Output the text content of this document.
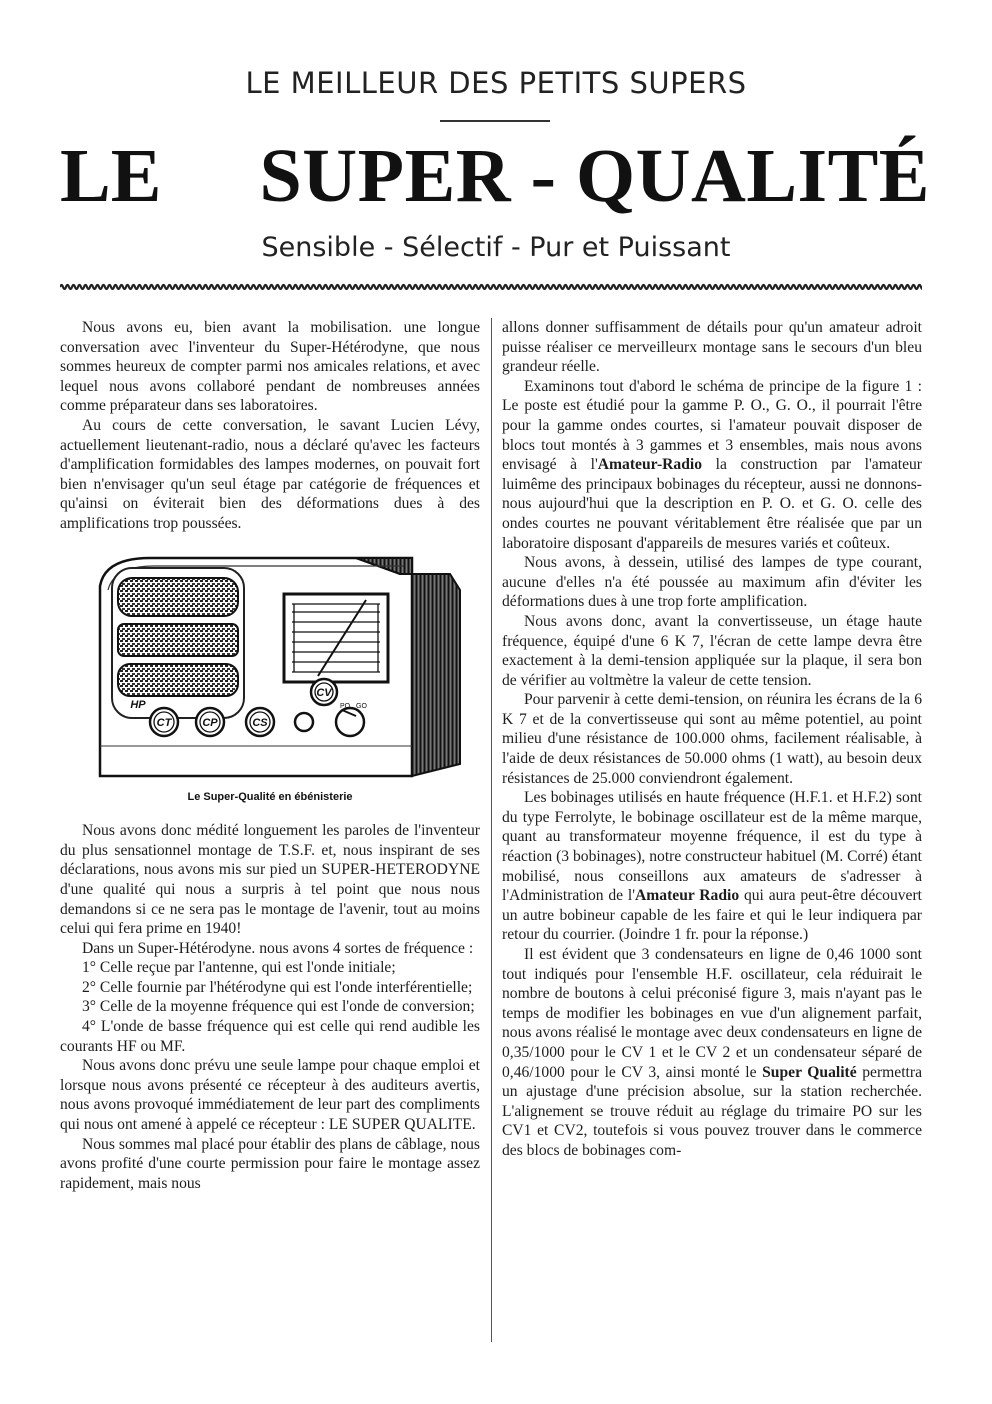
LE MEILLEUR DES PETITS SUPERS
LE SUPER - QUALITÉ
Sensible - Sélectif - Pur et Puissant

Nous avons eu, bien avant la mobilisation. une longue conversation avec l'inventeur du Super-Hétérodyne, que nous sommes heureux de compter parmi nos amicales relations, et avec lequel nous avons collaboré pendant de nombreuses années comme préparateur dans ses laboratoires.

Au cours de cette conversation, le savant Lucien Lévy, actuellement lieutenant-radio, nous a déclaré qu'avec les facteurs d'amplification formidables des lampes modernes, on pouvait fort bien n'envisager qu'un seul étage par catégorie de fréquences et qu'ainsi on éviterait bien des déformations dues à des amplifications trop poussées.

PO GO
CT	CP	CS
CV
HP

Le Super-Qualité en ébénisterie

Nous avons donc médité longuement les paroles de l'inventeur du plus sensationnel montage de T.S.F. et, nous inspirant de ses déclarations, nous avons mis sur pied un SUPER-HETERODYNE d'une qualité qui nous a surpris à tel point que nous nous demandons si ce ne sera pas le montage de l'avenir, tout au moins celui qui fera prime en 1940!

Dans un Super-Hétérodyne. nous avons 4 sortes de fréquence :

1° Celle reçue par l'antenne, qui est l'onde initiale;

2° Celle fournie par l'hétérodyne qui est l'onde interférentielle;

3° Celle de la moyenne fréquence qui est l'onde de conversion;

4° L'onde de basse fréquence qui est celle qui rend audible les courants HF ou MF.

Nous avons donc prévu une seule lampe pour chaque emploi et lorsque nous avons présenté ce récepteur à des auditeurs avertis, nous avons provoqué immédiatement de leur part des compliments qui nous ont amené à appelé ce récepteur : LE SUPER QUALITE.

Nous sommes mal placé pour établir des plans de câblage, nous avons profité d'une courte permission pour faire le montage assez rapidement, mais nous

allons donner suffisamment de détails pour qu'un amateur adroit puisse réaliser ce merveilleurx montage sans le secours d'un bleu grandeur réelle.

Examinons tout d'abord le schéma de principe de la figure 1 : Le poste est étudié pour la gamme P. O., G. O., il pourrait l'être pour la gamme ondes courtes, si l'amateur pouvait disposer de blocs tout montés à 3 gammes et 3 ensembles, mais nous avons envisagé à l'Amateur-Radio la construction par l'amateur luimême des principaux bobinages du récepteur, aussi ne donnons-nous aujourd'hui que la description en P. O. et G. O. celle des ondes courtes ne pouvant véritablement être réalisée que par un laboratoire disposant d'appareils de mesures variés et coûteux.

Nous avons, à dessein, utilisé des lampes de type courant, aucune d'elles n'a été poussée au maximum afin d'éviter les déformations dues à une trop forte amplification.

Nous avons donc, avant la convertisseuse, un étage haute fréquence, équipé d'une 6 K 7, l'écran de cette lampe devra être exactement à la demi-tension appliquée sur la plaque, il sera bon de vérifier au voltmètre la valeur de cette tension.

Pour parvenir à cette demi-tension, on réunira les écrans de la 6 K 7 et de la convertisseuse qui sont au même potentiel, au point milieu d'une résistance de 100.000 ohms, facilement réalisable, à l'aide de deux résistances de 50.000 ohms (1 watt), au besoin deux résistances de 25.000 conviendront également.

Les bobinages utilisés en haute fréquence (H.F.1. et H.F.2) sont du type Ferrolyte, le bobinage oscillateur est de la même marque, quant au transformateur moyenne fréquence, il est du type à réaction (3 bobinages), notre constructeur habituel (M. Corré) étant mobilisé, nous conseillons aux amateurs de s'adresser à l'Administration de l'Amateur Radio qui aura peut-être découvert un autre bobineur capable de les faire et qui le leur indiquera par retour du courrier. (Joindre 1 fr. pour la réponse.)

Il est évident que 3 condensateurs en ligne de 0,46 1000 sont tout indiqués pour l'ensemble H.F. oscillateur, cela réduirait le nombre de boutons à celui préconisé figure 3, mais n'ayant pas le temps de modifier les bobinages en vue d'un alignement parfait, nous avons réalisé le montage avec deux condensateurs en ligne de 0,35/1000 pour le CV 1 et le CV 2 et un condensateur séparé de 0,46/1000 pour le CV 3, ainsi monté le Super Qualité permettra un ajustage d'une précision absolue, sur la station recherchée. L'alignement se trouve réduit au réglage du trimaire PO sur les CV1 et CV2, toutefois si vous pouvez trouver dans le commerce des blocs de bobinages com-
